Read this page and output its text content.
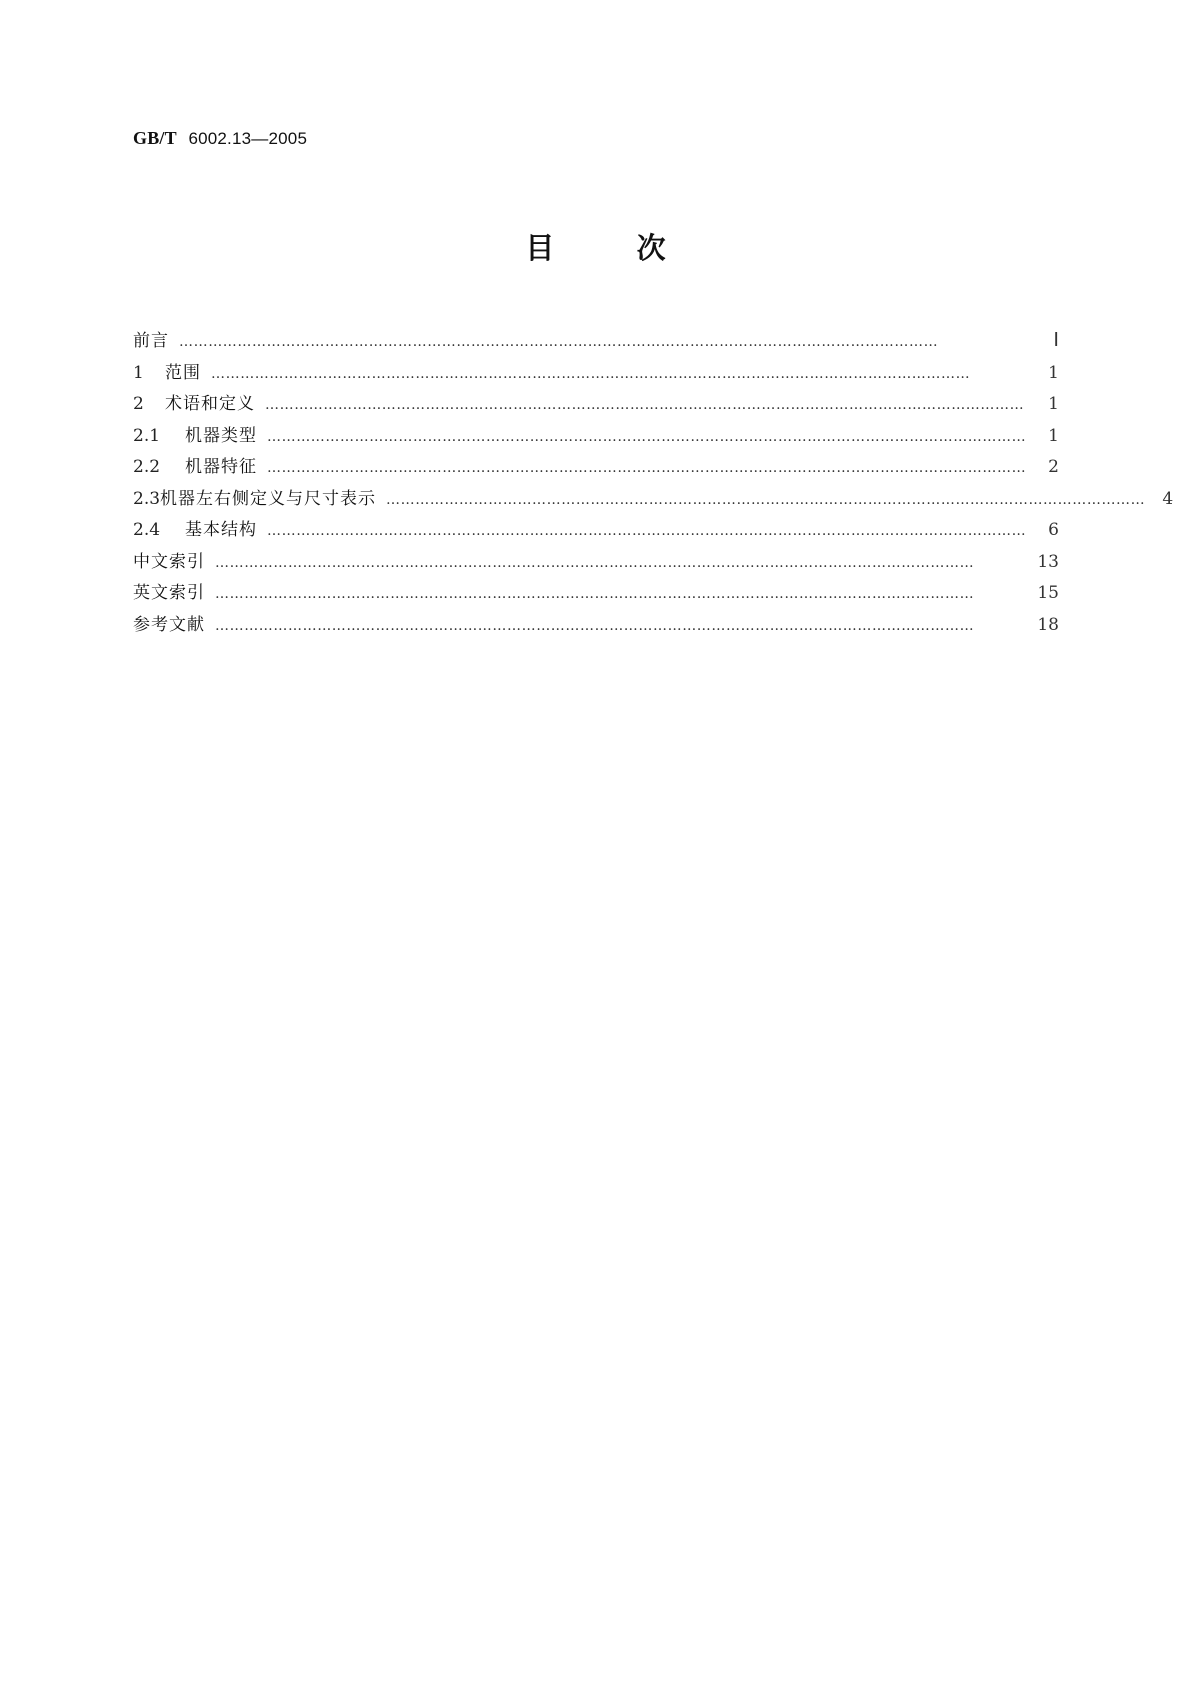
GB/T 6002.13—2005
目	次
前言 …………………………………………………………………………………………………………………………………………	Ⅰ
1	范围 …………………………………………………………………………………………………………………………………………	1
2	术语和定义 …………………………………………………………………………………………………………………………………………	1
2.1	机器类型 …………………………………………………………………………………………………………………………………………	1
2.2	机器特征 …………………………………………………………………………………………………………………………………………	2
2.3 机器左右侧定义与尺寸表示 …………………………………………………………………………………………………………………………………………	4
2.4	基本结构 …………………………………………………………………………………………………………………………………………	6
中文索引 …………………………………………………………………………………………………………………………………………	13
英文索引 …………………………………………………………………………………………………………………………………………	15
参考文献 …………………………………………………………………………………………………………………………………………	18
